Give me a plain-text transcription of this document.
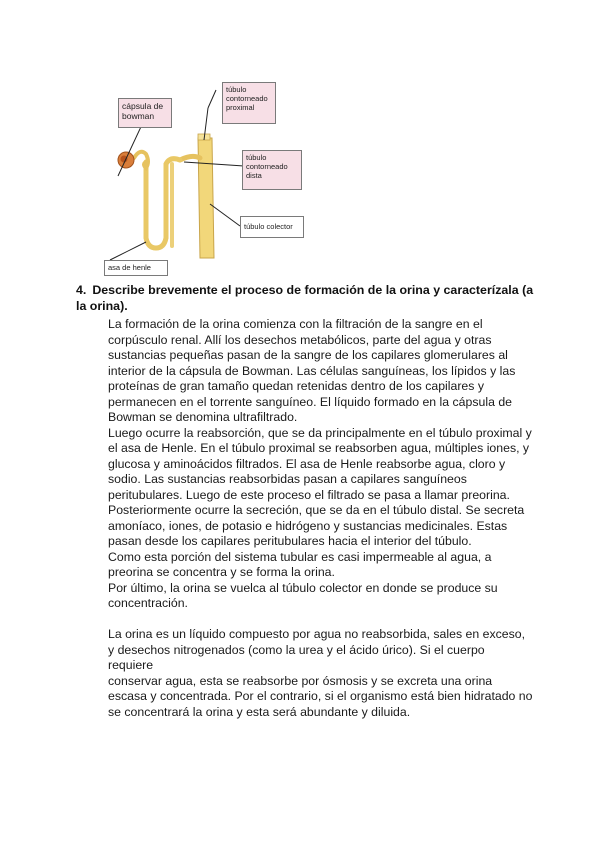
cápsula de
bowman
túbulo
contorneado
proximal
túbulo
contorneado
dista
túbulo colector
asa de henle
4. Describe brevemente el proceso de formación de la orina y caracterízala (a la orina).

La formación de la orina comienza con la filtración de la sangre en el
corpúsculo renal. Allí los desechos metabólicos, parte del agua y otras
sustancias pequeñas pasan de la sangre de los capilares glomerulares al
interior de la cápsula de Bowman. Las células sanguíneas, los lípidos y las
proteínas de gran tamaño quedan retenidas dentro de los capilares y
permanecen en el torrente sanguíneo. El líquido formado en la cápsula de
Bowman se denomina ultrafiltrado.

Luego ocurre la reabsorción, que se da principalmente en el túbulo proximal y
el asa de Henle. En el túbulo proximal se reabsorben agua, múltiples iones, y
glucosa y aminoácidos filtrados. El asa de Henle reabsorbe agua, cloro y
sodio. Las sustancias reabsorbidas pasan a capilares sanguíneos
peritubulares. Luego de este proceso el filtrado se pasa a llamar preorina.

Posteriormente ocurre la secreción, que se da en el túbulo distal. Se secreta
amoníaco, iones, de potasio e hidrógeno y sustancias medicinales. Estas
pasan desde los capilares peritubulares hacia el interior del túbulo.

Como esta porción del sistema tubular es casi impermeable al agua, a
preorina se concentra y se forma la orina.

Por último, la orina se vuelca al túbulo colector en donde se produce su
concentración.

La orina es un líquido compuesto por agua no reabsorbida, sales en exceso,
y desechos nitrogenados (como la urea y el ácido úrico). Si el cuerpo requiere
conservar agua, esta se reabsorbe por ósmosis y se excreta una orina
escasa y concentrada. Por el contrario, si el organismo está bien hidratado no
se concentrará la orina y esta será abundante y diluida.
